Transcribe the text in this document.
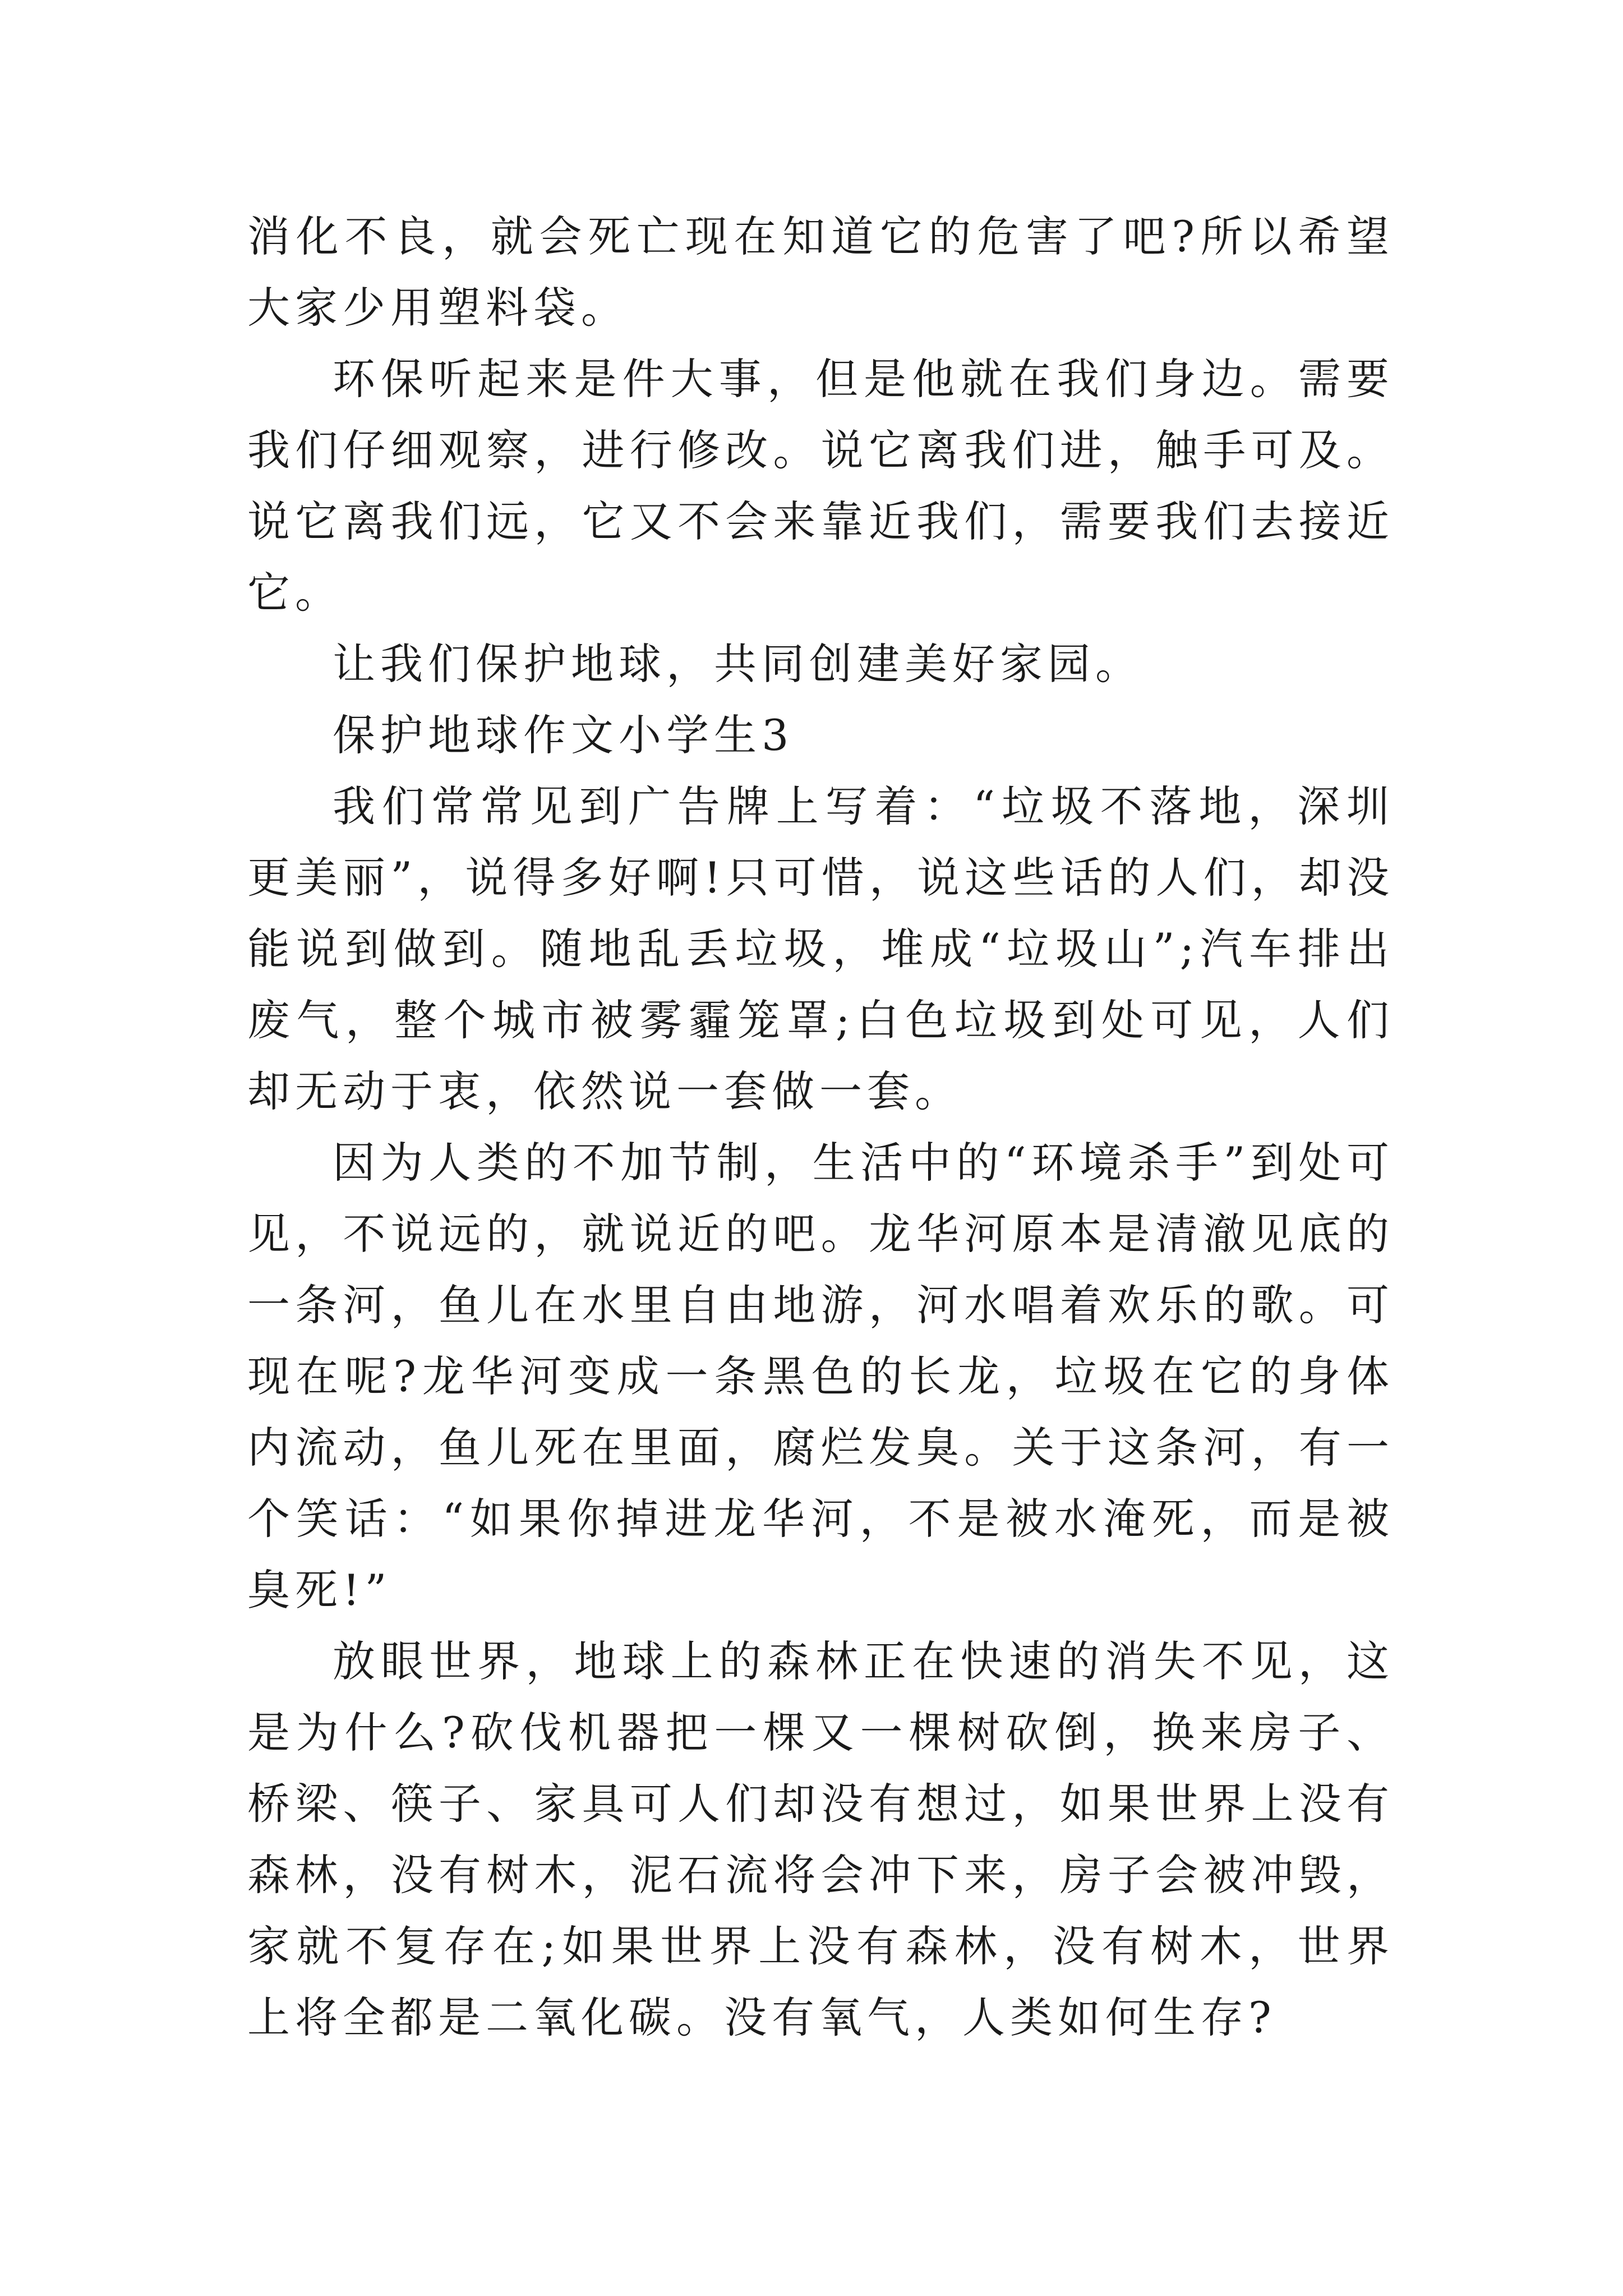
消化不良，就会死亡现在知道它的危害了吧?所以希望大家少用塑料袋。

环保听起来是件大事，但是他就在我们身边。需要我们仔细观察，进行修改。说它离我们进，触手可及。说它离我们远，它又不会来靠近我们，需要我们去接近它。

让我们保护地球，共同创建美好家园。

保护地球作文小学生3

我们常常见到广告牌上写着：“垃圾不落地，深圳更美丽”，说得多好啊!只可惜，说这些话的人们，却没能说到做到。随地乱丢垃圾，堆成“垃圾山”;汽车排出废气，整个城市被雾霾笼罩;白色垃圾到处可见，人们却无动于衷，依然说一套做一套。

因为人类的不加节制，生活中的“环境杀手”到处可见，不说远的，就说近的吧。龙华河原本是清澈见底的一条河，鱼儿在水里自由地游，河水唱着欢乐的歌。可现在呢?龙华河变成一条黑色的长龙，垃圾在它的身体内流动，鱼儿死在里面，腐烂发臭。关于这条河，有一个笑话：“如果你掉进龙华河，不是被水淹死，而是被臭死!”

放眼世界，地球上的森林正在快速的消失不见，这是为什么?砍伐机器把一棵又一棵树砍倒，换来房子、桥梁、筷子、家具可人们却没有想过，如果世界上没有森林，没有树木，泥石流将会冲下来，房子会被冲毁，家就不复存在;如果世界上没有森林，没有树木，世界上将全都是二氧化碳。没有氧气，人类如何生存?
